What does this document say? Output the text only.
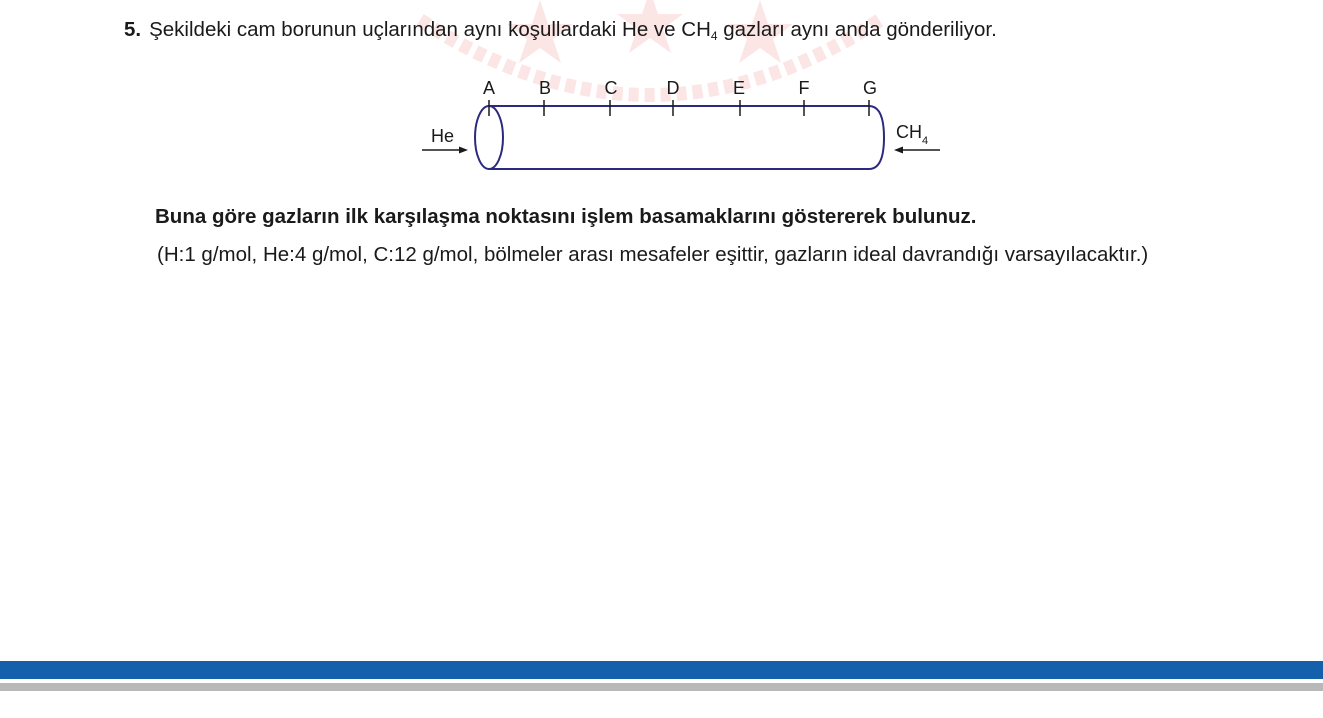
5. Şekildeki cam borunun uçlarından aynı koşullardaki He ve $CH_4$ gazları aynı anda gönderiliyor.
A B	C	D	E	F	G
He	$CH_4$
Buna göre gazların ilk karşılaşma noktasını işlem basamaklarını göstererek bulunuz.
(H:1 g/mol, He:4 g/mol, C:12 g/mol, bölmeler arası mesafeler eşittir, gazların ideal davrandığı varsayılacaktır.)
